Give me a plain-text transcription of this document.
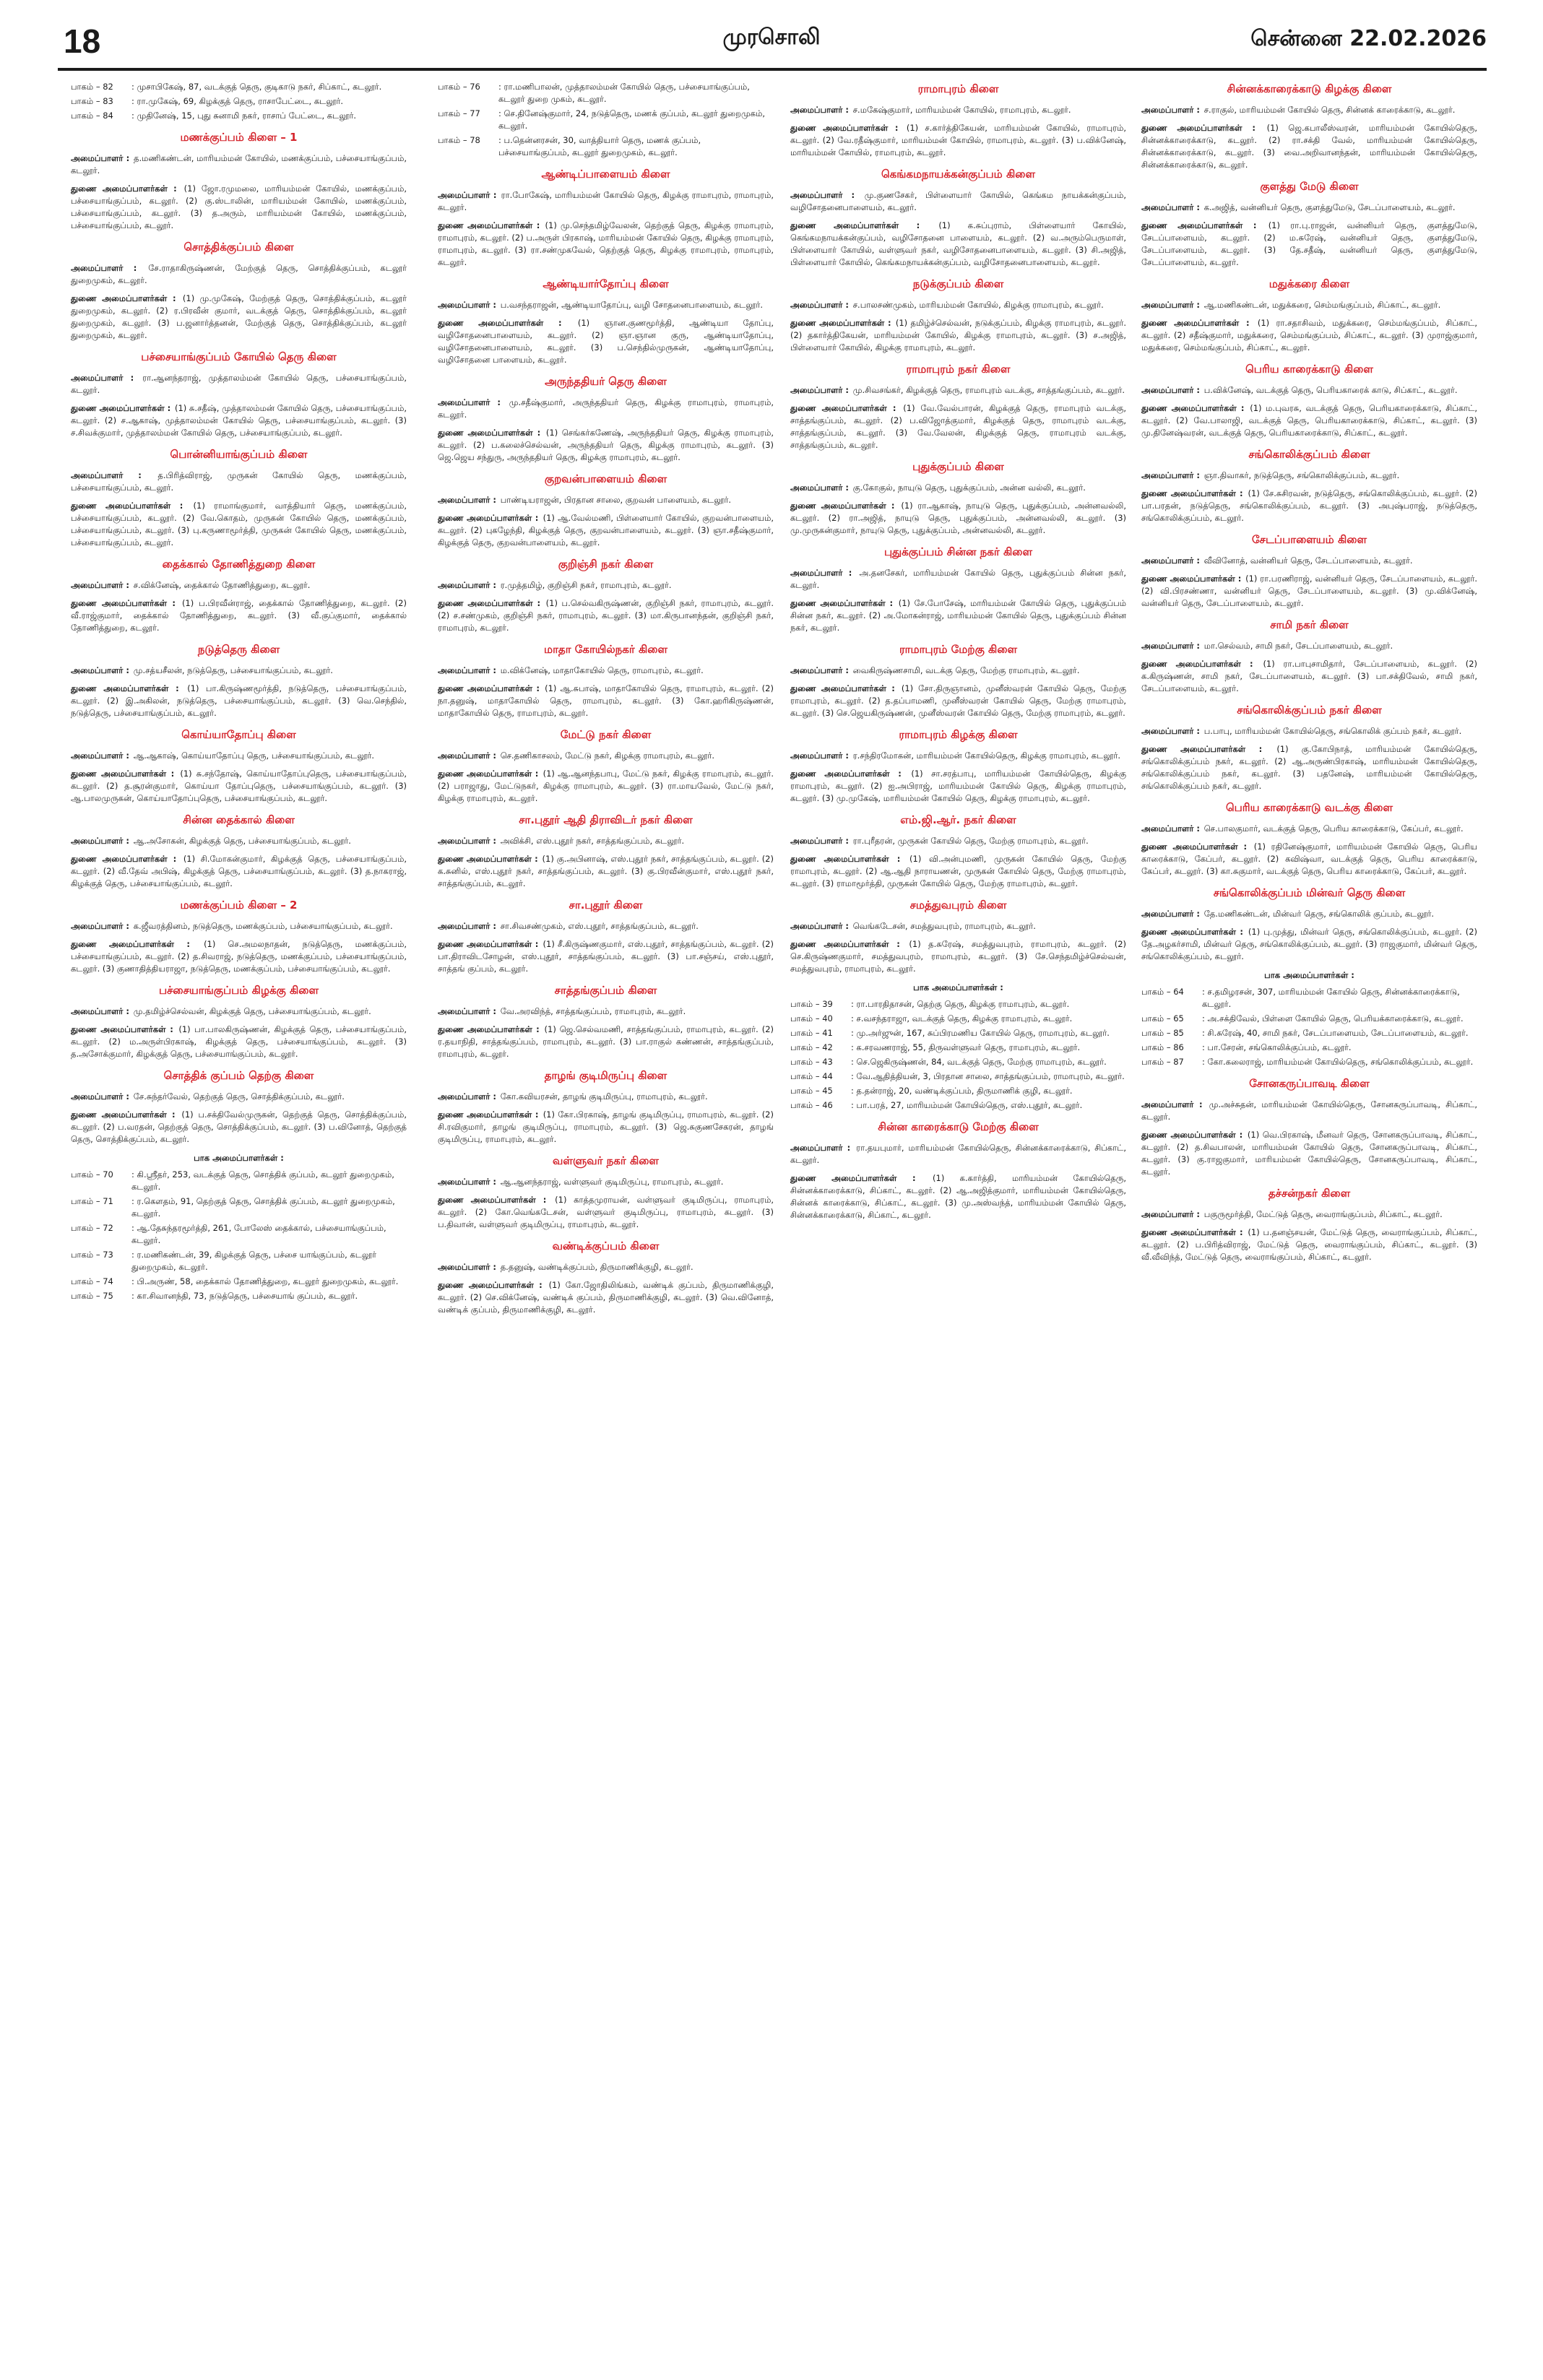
18	முரசொலி	சென்னை 22.02.2026
பாகம் – 82	: முசாபிகேஷ், 87, வடக்குத் தெரு, குடிகாடு நகர், சிப்காட், கடலூர்.
பாகம் – 83	: ரா.முகேஷ், 69, கிழக்குத் தெரு, ராசாபேட்டை, கடலூர்.
பாகம் – 84	: முதினேஷ், 15, புது சுனாமி நகர், ராசாப் பேட்டை, கடலூர்.
மணக்குப்பம் கிளை – 1

அமைப்பாளர் : த.மணிகண்டன், மாரியம்மன் கோயில், மணக்குப்பம், பச்சையாங்குப்பம், கடலூர்.

துணை அமைப்பாளர்கள் : (1) ஜோ.ரமுமலை, மாரியம்மன் கோயில், மணக்குப்பம், பச்சையாங்குப்பம், கடலூர். (2) கு.ஸ்டாலின், மாரியம்மன் கோயில், மணக்குப்பம், பச்சையாங்குப்பம், கடலூர். (3) த.அரும், மாரியம்மன் கோயில், மணக்குப்பம், பச்சையாங்குப்பம், கடலூர்.

சொத்திக்குப்பம் கிளை

அமைப்பாளர் : சே.ராதாகிருஷ்ணன், மேற்குத் தெரு, சொத்திக்குப்பம், கடலூர் துறைமுகம், கடலூர்.

துணை அமைப்பாளர்கள் : (1) மு.முகேஷ், மேற்குத் தெரு, சொத்திக்குப்பம், கடலூர் துறைமுகம், கடலூர். (2) ர.பிரவீன் குமார், வடக்குத் தெரு, சொத்திக்குப்பம், கடலூர் துறைமுகம், கடலூர். (3) ப.ஜனார்த்தனன், மேற்குத் தெரு, சொத்திக்குப்பம், கடலூர் துறைமுகம், கடலூர்.

பச்சையாங்குப்பம் கோயில் தெரு கிளை

அமைப்பாளர் : ரா.ஆனந்தராஜ், முத்தாலம்மன் கோயில் தெரு, பச்சையாங்குப்பம், கடலூர்.

துணை அமைப்பாளர்கள் : (1) சு.சதீஷ், முத்தாலம்மன் கோயில் தெரு, பச்சையாங்குப்பம், கடலூர். (2) ச.ஆகாஷ், முத்தாலம்மன் கோயில் தெரு, பச்சையாங்குப்பம், கடலூர். (3) ச.சிவக்குமார், முத்தாலம்மன் கோயில் தெரு, பச்சையாங்குப்பம், கடலூர்.

பொன்னியாங்குப்பம் கிளை

அமைப்பாளர் : த.பிரித்விராஜ், முருகன் கோயில் தெரு, மணக்குப்பம், பச்சையாங்குப்பம், கடலூர்.

துணை அமைப்பாளர்கள் : (1) ராமாங்குமார், வாத்தியார் தெரு, மணக்குப்பம், பச்சையாங்குப்பம், கடலூர். (2) வே.கொதம், முருகன் கோயில் தெரு, மணக்குப்பம், பச்சையாங்குப்பம், கடலூர். (3) பு.கருணாமூர்த்தி, முருகன் கோயில் தெரு, மணக்குப்பம், பச்சையாங்குப்பம், கடலூர்.

தைக்கால் தோணித்துறை கிளை

அமைப்பாளர் : ச.விக்னேஷ், தைக்கால் தோணித்துறை, கடலூர்.

துணை அமைப்பாளர்கள் : (1) ப.பிரவீன்ராஜ், தைக்கால் தோணித்துறை, கடலூர். (2) வீ.ராஜ்குமார், தைக்கால் தோணித்துறை, கடலூர். (3) வீ.குப்குமார், தைக்கால் தோணித்துறை, கடலூர்.

நடுத்தெரு கிளை

அமைப்பாளர் : மு.சத்யசீலன், நடுத்தெரு, பச்சையாங்குப்பம், கடலூர்.

துணை அமைப்பாளர்கள் : (1) பா.கிருஷ்ணமூர்த்தி, நடுத்தெரு, பச்சையாங்குப்பம், கடலூர். (2) இ.அகிலன், நடுத்தெரு, பச்சையாங்குப்பம், கடலூர். (3) வெ.செந்தில், நடுத்தெரு, பச்சையாங்குப்பம், கடலூர்.

கொய்யாதோப்பு கிளை

அமைப்பாளர் : ஆ.ஆகாஷ், கொய்யாதோப்பு தெரு, பச்சையாங்குப்பம், கடலூர்.

துணை அமைப்பாளர்கள் : (1) சு.சந்தோஷ், கொய்யாதோப்புதெரு, பச்சையாங்குப்பம், கடலூர். (2) த.சூரன்குமார், கொய்யா தோப்புதெரு, பச்சையாங்குப்பம், கடலூர். (3) ஆ.பாலமுருகன், கொய்யாதோப்புதெரு, பச்சையாங்குப்பம், கடலூர்.

சின்ன தைக்கால் கிளை

அமைப்பாளர் : ஆ.அசோகன், கிழக்குத் தெரு, பச்சையாங்குப்பம், கடலூர்.

துணை அமைப்பாளர்கள் : (1) சி.மோகன்குமார், கிழக்குத் தெரு, பச்சையாங்குப்பம், கடலூர். (2) வீ.தேவ் அபிஷ், கிழக்குத் தெரு, பச்சையாங்குப்பம், கடலூர். (3) த.நாகராஜ், கிழக்குத் தெரு, பச்சையாங்குப்பம், கடலூர்.

மணக்குப்பம் கிளை – 2

அமைப்பாளர் : க.ஜீவரத்தினம், நடுத்தெரு, மணக்குப்பம், பச்சையாங்குப்பம், கடலூர்.

துணை அமைப்பாளர்கள் : (1) செ.அமலநாதன், நடுத்தெரு, மணக்குப்பம், பச்சையாங்குப்பம், கடலூர். (2) த.சிவராஜ், நடுத்தெரு, மணக்குப்பம், பச்சையாங்குப்பம், கடலூர். (3) குணாதித்தியராஜா, நடுத்தெரு, மணக்குப்பம், பச்சையாங்குப்பம், கடலூர்.

பச்சையாங்குப்பம் கிழக்கு கிளை

அமைப்பாளர் : மு.தமிழ்ச்செல்வன், கிழக்குத் தெரு, பச்சையாங்குப்பம், கடலூர்.

துணை அமைப்பாளர்கள் : (1) பா.பாலகிருஷ்ணன், கிழக்குத் தெரு, பச்சையாங்குப்பம், கடலூர். (2) ம.அருள்பிரகாஷ், கிழக்குத் தெரு, பச்சையாங்குப்பம், கடலூர். (3) த.அசோக்குமார், கிழக்குத் தெரு, பச்சையாங்குப்பம், கடலூர்.

சொத்திக் குப்பம் தெற்கு கிளை

அமைப்பாளர் : சே.சுந்தர்வேல், தெற்குத் தெரு, சொத்திக்குப்பம், கடலூர்.

துணை அமைப்பாளர்கள் : (1) ப.சக்திவேல்முருகன், தெற்குத் தெரு, சொத்திக்குப்பம், கடலூர். (2) ப.வரதன், தெற்குத் தெரு, சொத்திக்குப்பம், கடலூர். (3) ப.வினோத், தெற்குத் தெரு, சொத்திக்குப்பம், கடலூர்.

பாக அமைப்பாளர்கள் :
பாகம் – 70	: கி.ஸ்ரீதர், 253, வடக்குத் தெரு, சொத்திக் குப்பம், கடலூர் துறைமுகம், கடலூர்.
பாகம் – 71	: ர.கௌதம், 91, தெற்குத் தெரு, சொத்திக் குப்பம், கடலூர் துறைமுகம், கடலூர்.
பாகம் – 72	: ஆ.தேசுந்தரமூர்த்தி, 261, போலேஸ் தைக்கால், பச்சையாங்குப்பம், கடலூர்.
பாகம் – 73	: ர.மணிகண்டன், 39, கிழக்குத் தெரு, பச்சை யாங்குப்பம், கடலூர் துறைமுகம், கடலூர்.
பாகம் – 74	: பி.அருண், 58, தைக்கால் தோணித்துறை, கடலூர் துறைமுகம், கடலூர்.
பாகம் – 75	: கா.சிவானந்தி, 73, நடுத்தெரு, பச்சையாங் குப்பம், கடலூர்.
பாகம் – 76	: ரா.மணிபாலன், முத்தாலம்மன் கோயில் தெரு, பச்சையாங்குப்பம், கடலூர் துறை முகம், கடலூர்.
பாகம் – 77	: செ.தினேஷ்குமார், 24, நடுத்தெரு, மணக் குப்பம், கடலூர் துறைமுகம், கடலூர்.
பாகம் – 78	: ப.தென்னரசன், 30, வாத்தியார் தெரு, மணக் குப்பம், பச்சையாங்குப்பம், கடலூர் துறைமுகம், கடலூர்.
ஆண்டிப்பாளையம் கிளை

அமைப்பாளர் : ரா.போகேஷ், மாரியம்மன் கோயில் தெரு, கிழக்கு ராமாபுரம், ராமாபுரம், கடலூர்.

துணை அமைப்பாளர்கள் : (1) மு.செந்தமிழ்வேலன், தெற்குத் தெரு, கிழக்கு ராமாபுரம், ராமாபுரம், கடலூர். (2) ப.அருள் பிரகாஷ், மாரியம்மன் கோயில் தெரு, கிழக்கு ராமாபுரம், ராமாபுரம், கடலூர். (3) ரா.சண்முகவேல், தெற்குத் தெரு, கிழக்கு ராமாபுரம், ராமாபுரம், கடலூர்.

ஆண்டியார்தோப்பு கிளை

அமைப்பாளர் : ப.வசந்தராஜன், ஆண்டியாதோப்பு, வழி சோதனைபாளையம், கடலூர்.

துணை அமைப்பாளர்கள் : (1) ஞான.குணமூர்த்தி, ஆண்டியா தோப்பு, வழிசோதனைபாளையம், கடலூர். (2) ஞா.ஞான குரு, ஆண்டியாதோப்பு, வழிசோதனைபாளையம், கடலூர். (3) ப.செந்தில்முருகன், ஆண்டியாதோப்பு, வழிசோதனை பாளையம், கடலூர்.

அருந்ததியர் தெரு கிளை

அமைப்பாளர் : மு.சதீஷ்குமார், அருந்ததியர் தெரு, கிழக்கு ராமாபுரம், ராமாபுரம், கடலூர்.

துணை அமைப்பாளர்கள் : (1) செங்கர்கணேஷ், அருந்ததியர் தெரு, கிழக்கு ராமாபுரம், கடலூர். (2) ப.கலைச்செல்வன், அருந்ததியர் தெரு, கிழக்கு ராமாபுரம், கடலூர். (3) ஜெ.ஜெய சந்துரு, அருந்ததியர் தெரு, கிழக்கு ராமாபுரம், கடலூர்.

குறவன்பாளையம் கிளை

அமைப்பாளர் : பாண்டியராஜன், பிரதான சாலை, குறவன் பாளையம், கடலூர்.

துணை அமைப்பாளர்கள் : (1) ஆ.வேல்மணி, பிள்ளையார் கோயில், குறவன்பாளையம், கடலூர். (2) புகழேந்தி, கிழக்குத் தெரு, குறவன்பாளையம், கடலூர். (3) ஞா.சதீஷ்குமார், கிழக்குத் தெரு, குறவன்பாளையம், கடலூர்.

குறிஞ்சி நகர் கிளை

அமைப்பாளர் : ர.முத்தமிழ், குறிஞ்சி நகர், ராமாபுரம், கடலூர்.

துணை அமைப்பாளர்கள் : (1) ப.செல்வகிருஷ்ணன், குறிஞ்சி நகர், ராமாபுரம், கடலூர். (2) ச.சண்முகம், குறிஞ்சி நகர், ராமாபுரம், கடலூர். (3) மா.கிருபானந்தன், குறிஞ்சி நகர், ராமாபுரம், கடலூர்.

மாதா கோயில்நகர் கிளை

அமைப்பாளர் : ம.விக்னேஷ், மாதாகோயில் தெரு, ராமாபுரம், கடலூர்.

துணை அமைப்பாளர்கள் : (1) ஆ.சுபாஷ், மாதாகோயில் தெரு, ராமாபுரம், கடலூர். (2) நா.தனுஷ், மாதாகோயில் தெரு, ராமாபுரம், கடலூர். (3) கோ.ஹரிகிருஷ்ணன், மாதாகோயில் தெரு, ராமாபுரம், கடலூர்.

மேட்டு நகர் கிளை

அமைப்பாளர் : செ.தணிகாசலம், மேட்டு நகர், கிழக்கு ராமாபுரம், கடலூர்.

துணை அமைப்பாளர்கள் : (1) ஆ.ஆனந்தபாபு, மேட்டு நகர், கிழக்கு ராமாபுரம், கடலூர். (2) பராஜாது, மேட்டுநகர், கிழக்கு ராமாபுரம், கடலூர். (3) ரா.மாயவேல், மேட்டு நகர், கிழக்கு ராமாபுரம், கடலூர்.

சா.புதூர் ஆதி திராவிடர் நகர் கிளை

அமைப்பாளர் : அவிக்சி, எஸ்.புதூர் நகர், சாத்தங்குப்பம், கடலூர்.

துணை அமைப்பாளர்கள் : (1) கு.அபினாஷ், எஸ்.புதூர் நகர், சாத்தங்குப்பம், கடலூர். (2) க.சுனில், எஸ்.புதூர் நகர், சாத்தங்குப்பம், கடலூர். (3) கு.பிரவீன்குமார், எஸ்.புதூர் நகர், சாத்தங்குப்பம், கடலூர்.

சா.புதூர் கிளை

அமைப்பாளர் : சா.சிவசண்முகம், எஸ்.புதூர், சாத்தங்குப்பம், கடலூர்.

துணை அமைப்பாளர்கள் : (1) சீ.கிருஷ்ணகுமார், எஸ்.புதூர், சாத்தங்குப்பம், கடலூர். (2) பா.திராவிடசோழன், எஸ்.புதூர், சாத்தங்குப்பம், கடலூர். (3) பா.சஞ்சய், எஸ்.புதூர், சாத்தங் குப்பம், கடலூர்.

சாத்தங்குப்பம் கிளை

அமைப்பாளர் : வே.அரவிந்த், சாத்தங்குப்பம், ராமாபுரம், கடலூர்.

துணை அமைப்பாளர்கள் : (1) ஜெ.செல்வமணி, சாத்தங்குப்பம், ராமாபுரம், கடலூர். (2) ர.தயாநிதி, சாத்தங்குப்பம், ராமாபுரம், கடலூர். (3) பா.ராகுல் கண்ணன், சாத்தங்குப்பம், ராமாபுரம், கடலூர்.

தாழங் குடிமிருப்பு கிளை

அமைப்பாளர் : கோ.கவியரசன், தாழங் குடிமிருப்பு, ராமாபுரம், கடலூர்.

துணை அமைப்பாளர்கள் : (1) கோ.பிரகாஷ், தாழங் குடிமிருப்பு, ராமாபுரம், கடலூர். (2) சி.ரவிகுமார், தாழங் குடிமிருப்பு, ராமாபுரம், கடலூர். (3) ஜெ.சுகுணசேகரன், தாழங் குடிமிருப்பு, ராமாபுரம், கடலூர்.

வள்ளுவர் நகர் கிளை

அமைப்பாளர் : ஆ.ஆனந்தராஜ், வள்ளுவர் குடிமிருப்பு, ராமாபுரம், கடலூர்.

துணை அமைப்பாளர்கள் : (1) காத்தமுராயன், வள்ளுவர் குடிமிருப்பு, ராமாபுரம், கடலூர். (2) கோ.வெங்கடேசன், வள்ளுவர் குடிமிருப்பு, ராமாபுரம், கடலூர். (3) ப.திவான், வள்ளுவர் குடிமிருப்பு, ராமாபுரம், கடலூர்.

வண்டிக்குப்பம் கிளை

அமைப்பாளர் : த.தனுஷ், வண்டிக்குப்பம், திருமாணிக்குழி, கடலூர்.

துணை அமைப்பாளர்கள் : (1) கோ.ஜோதிலிங்கம், வண்டிக் குப்பம், திருமாணிக்குழி, கடலூர். (2) செ.விக்னேஷ், வண்டிக் குப்பம், திருமாணிக்குழி, கடலூர். (3) வெ.வினோத், வண்டிக் குப்பம், திருமாணிக்குழி, கடலூர்.

ராமாபுரம் கிளை

அமைப்பாளர் : ச.மகேஷ்குமார், மாரியம்மன் கோயில், ராமாபுரம், கடலூர்.

துணை அமைப்பாளர்கள் : (1) ச.கார்த்திகேயன், மாரியம்மன் கோயில், ராமாபுரம், கடலூர். (2) வே.ரதீஷ்குமார், மாரியம்மன் கோயில், ராமாபுரம், கடலூர். (3) ப.விக்னேஷ், மாரியம்மன் கோயில், ராமாபுரம், கடலூர்.

கெங்கமநாயக்கன்குப்பம் கிளை

அமைப்பாளர் : மு.குணசேகர், பிள்ளையார் கோயில், கெங்கம நாயக்கன்குப்பம், வழிசோதனைபாளையம், கடலூர்.

துணை அமைப்பாளர்கள் : (1) க.சுப்புராம், பிள்ளையார் கோயில், கெங்கமநாயக்கன்குப்பம், வழிசோதனை பாளையம், கடலூர். (2) வ.அரும்பெருமாள், பிள்ளையார் கோயில், வள்ளுவர் நகர், வழிசோதனைபாளையம், கடலூர். (3) சி.அஜித், பிள்ளையார் கோயில், கெங்கமநாயக்கன்குப்பம், வழிசோதனைபாளையம், கடலூர்.

நடுக்குப்பம் கிளை

அமைப்பாளர் : ச.பாலசண்முகம், மாரியம்மன் கோயில், கிழக்கு ராமாபுரம், கடலூர்.

துணை அமைப்பாளர்கள் : (1) தமிழ்ச்செல்வன், நடுக்குப்பம், கிழக்கு ராமாபுரம், கடலூர். (2) தகார்த்திகேயன், மாரியம்மன் கோயில், கிழக்கு ராமாபுரம், கடலூர். (3) ச.அஜித், பிள்ளையார் கோயில், கிழக்கு ராமாபுரம், கடலூர்.

ராமாபுரம் நகர் கிளை

அமைப்பாளர் : மு.சிவசங்கர், கிழக்குத் தெரு, ராமாபுரம் வடக்கு, சாத்தங்குப்பம், கடலூர்.

துணை அமைப்பாளர்கள் : (1) வே.வேல்பாரன், கிழக்குத் தெரு, ராமாபுரம் வடக்கு, சாத்தங்குப்பம், கடலூர். (2) ப.விஜோத்குமார், கிழக்குத் தெரு, ராமாபுரம் வடக்கு, சாத்தங்குப்பம், கடலூர். (3) வே.வேலன், கிழக்குத் தெரு, ராமாபுரம் வடக்கு, சாத்தங்குப்பம், கடலூர்.

புதுக்குப்பம் கிளை

அமைப்பாளர் : கு.கோகுல், நாயுடு தெரு, புதுக்குப்பம், அன்ன வல்லி, கடலூர்.

துணை அமைப்பாளர்கள் : (1) ரா.ஆகாஷ், நாயுடு தெரு, புதுக்குப்பம், அன்னவல்லி, கடலூர். (2) ரா.அஜித், நாயுடு தெரு, புதுக்குப்பம், அன்னவல்லி, கடலூர். (3) மு.முருகன்குமார், நாயுடு தெரு, புதுக்குப்பம், அன்னவல்லி, கடலூர்.

புதுக்குப்பம் சின்ன நகர் கிளை

அமைப்பாளர் : அ.தனசேகர், மாரியம்மன் கோயில் தெரு, புதுக்குப்பம் சின்ன நகர், கடலூர்.

துணை அமைப்பாளர்கள் : (1) சே.போசேஷ், மாரியம்மன் கோயில் தெரு, புதுக்குப்பம் சின்ன நகர், கடலூர். (2) அ.மோகன்ராஜ், மாரியம்மன் கோயில் தெரு, புதுக்குப்பம் சின்ன நகர், கடலூர்.

ராமாபுரம் மேற்கு கிளை

அமைப்பாளர் : வைகிருஷ்ணசாமி, வடக்கு தெரு, மேற்கு ராமாபுரம், கடலூர்.

துணை அமைப்பாளர்கள் : (1) சோ.திருஞானம், முனீஸ்வரன் கோயில் தெரு, மேற்கு ராமாபுரம், கடலூர். (2) த.தப்பாமணி, முனீஸ்வரன் கோயில் தெரு, மேற்கு ராமாபுரம், கடலூர். (3) செ.ஜெயகிருஷ்ணன், முனீஸ்வரன் கோயில் தெரு, மேற்கு ராமாபுரம், கடலூர்.

ராமாபுரம் கிழக்கு கிளை

அமைப்பாளர் : ர.சந்திரமோகன், மாரியம்மன் கோயில்தெரு, கிழக்கு ராமாபுரம், கடலூர்.

துணை அமைப்பாளர்கள் : (1) சா.சரத்பாபு, மாரியம்மன் கோயில்தெரு, கிழக்கு ராமாபுரம், கடலூர். (2) ஐ.அபிராஜ், மாரியம்மன் கோயில் தெரு, கிழக்கு ராமாபுரம், கடலூர். (3) மு.முகேஷ், மாரியம்மன் கோயில் தெரு, கிழக்கு ராமாபுரம், கடலூர்.

எம்.ஜி.ஆர். நகர் கிளை

அமைப்பாளர் : ரா.புரீதரன், முருகன் கோயில் தெரு, மேற்கு ராமாபுரம், கடலூர்.

துணை அமைப்பாளர்கள் : (1) வி.அன்புமணி, முருகன் கோயில் தெரு, மேற்கு ராமாபுரம், கடலூர். (2) ஆ.ஆதி நாராயணன், முருகன் கோயில் தெரு, மேற்கு ராமாபுரம், கடலூர். (3) ராமாமூர்த்தி, முருகன் கோயில் தெரு, மேற்கு ராமாபுரம், கடலூர்.

சமத்துவபுரம் கிளை

அமைப்பாளர் : வெங்கடேசன், சமத்துவபுரம், ராமாபுரம், கடலூர்.

துணை அமைப்பாளர்கள் : (1) த.சுரேஷ், சமத்துவபுரம், ராமாபுரம், கடலூர். (2) செ.கிருஷ்ணகுமார், சமத்துவபுரம், ராமாபுரம், கடலூர். (3) சே.செந்தமிழ்ச்செல்வன், சமத்துவபுரம், ராமாபுரம், கடலூர்.

பாக அமைப்பாளர்கள் :
பாகம் – 39	: ரா.பாரதிதாசன், தெற்கு தெரு, கிழக்கு ராமாபுரம், கடலூர்.
பாகம் – 40	: ச.வசந்தராஜா, வடக்குத் தெரு, கிழக்கு ராமாபுரம், கடலூர்.
பாகம் – 41	: மு.அர்ஜுன், 167, சுப்பிரமணிய கோயில் தெரு, ராமாபுரம், கடலூர்.
பாகம் – 42	: க.சரவணராஜ், 55, திருவள்ளுவர் தெரு, ராமாபுரம், கடலூர்.
பாகம் – 43	: செ.ஜெகிருஷ்ணன், 84, வடக்குத் தெரு, மேற்கு ராமாபுரம், கடலூர்.
பாகம் – 44	: வே.ஆதித்தியன், 3, பிரதான சாலை, சாத்தங்குப்பம், ராமாபுரம், கடலூர்.
பாகம் – 45	: த.தன்ராஜ், 20, வண்டிக்குப்பம், திருமாணிக் குழி, கடலூர்.
பாகம் – 46	: பா.பரத், 27, மாரியம்மன் கோயில்தெரு, எஸ்.புதூர், கடலூர்.
சின்ன காரைக்காடு மேற்கு கிளை

அமைப்பாளர் : ரா.தயபுமார், மாரியம்மன் கோயில்தெரு, சின்னக்காரைக்காடு, சிப்காட், கடலூர்.

துணை அமைப்பாளர்கள் : (1) க.கார்த்தி, மாரியம்மன் கோயில்தெரு, சின்னக்காரைக்காடு, சிப்காட், கடலூர். (2) ஆ.அஜித்குமார், மாரியம்மன் கோயில்தெரு, சின்னக் காரைக்காடு, சிப்காட், கடலூர். (3) மு.அஸ்வந்த், மாரியம்மன் கோயில் தெரு, சின்னக்காரைக்காடு, சிப்காட், கடலூர்.

சின்னக்காரைக்காடு கிழக்கு கிளை

அமைப்பாளர் : ச.ராகுல், மாரியம்மன் கோயில் தெரு, சின்னக் காரைக்காடு, கடலூர்.

துணை அமைப்பாளர்கள் : (1) ஜெ.கபாலீஸ்வரன், மாரியம்மன் கோயில்தெரு, சின்னக்காரைக்காடு, கடலூர். (2) ரா.சக்தி வேல், மாரியம்மன் கோயில்தெரு, சின்னக்காரைக்காடு, கடலூர். (3) வை.அறிவானந்தன், மாரியம்மன் கோயில்தெரு, சின்னக்காரைக்காடு, கடலூர்.

குளத்து மேடு கிளை

அமைப்பாளர் : க.அஜித், வன்னியர் தெரு, குளத்துமேடு, சேடப்பாளையம், கடலூர்.

துணை அமைப்பாளர்கள் : (1) ரா.பு.ராஜன், வன்னியர் தெரு, குளத்துமேடு, சேடப்பாளையம், கடலூர். (2) ம.சுரேஷ், வன்னியர் தெரு, குளத்துமேடு, சேடப்பாளையம், கடலூர். (3) தே.சதீஷ், வன்னியர் தெரு, குளத்துமேடு, சேடப்பாளையம், கடலூர்.

மதுக்கரை கிளை

அமைப்பாளர் : ஆ.மணிகண்டன், மதுக்கரை, செம்மங்குப்பம், சிப்காட், கடலூர்.

துணை அமைப்பாளர்கள் : (1) ரா.சதாசிவம், மதுக்கரை, செம்மங்குப்பம், சிப்காட், கடலூர். (2) சதீஷ்குமார், மதுக்கரை, செம்மங்குப்பம், சிப்காட், கடலூர். (3) முராஜ்குமார், மதுக்கரை, செம்மங்குப்பம், சிப்காட், கடலூர்.

பெரிய காரைக்காடு கிளை

அமைப்பாளர் : ப.விக்னேஷ், வடக்குத் தெரு, பெரியகாரைக் காடு, சிப்காட், கடலூர்.

துணை அமைப்பாளர்கள் : (1) ம.புவரசு, வடக்குத் தெரு, பெரியகாரைக்காடு, சிப்காட், கடலூர். (2) வே.பாலாஜி, வடக்குத் தெரு, பெரியகாரைக்காடு, சிப்காட், கடலூர். (3) மு.தினேஷ்வரன், வடக்குத் தெரு, பெரியகாரைக்காடு, சிப்காட், கடலூர்.

சங்கொலிக்குப்பம் கிளை

அமைப்பாளர் : ஞா.திவாகர், நடுத்தெரு, சங்கொலிக்குப்பம், கடலூர்.

துணை அமைப்பாளர்கள் : (1) சே.சுசிரவன், நடுத்தெரு, சங்கொலிக்குப்பம், கடலூர். (2) பா.பரதன், நடுத்தெரு, சங்கொலிக்குப்பம், கடலூர். (3) அபுஷ்பராஜ், நடுத்தெரு, சங்கொலிக்குப்பம், கடலூர்.

சேடப்பாளையம் கிளை

அமைப்பாளர் : வீவினோத், வன்னியர் தெரு, சேடப்பாளையம், கடலூர்.

துணை அமைப்பாளர்கள் : (1) ரா.பரணிராஜ், வன்னியர் தெரு, சேடப்பாளையம், கடலூர். (2) வி.பிரசண்ணா, வன்னியர் தெரு, சேடப்பாளையம், கடலூர். (3) மு.விக்னேஷ், வன்னியர் தெரு, சேடப்பாளையம், கடலூர்.

சாமி நகர் கிளை

அமைப்பாளர் : மா.செல்வம், சாமி நகர், சேடப்பாளையம், கடலூர்.

துணை அமைப்பாளர்கள் : (1) ரா.பாபுசாமிதார், சேடப்பாளையம், கடலூர். (2) க.கிருஷ்ணன், சாமி நகர், சேடப்பாளையம், கடலூர். (3) பா.சக்திவேல், சாமி நகர், சேடப்பாளையம், கடலூர்.

சங்கொலிக்குப்பம் நகர் கிளை

அமைப்பாளர் : ப.பாபு, மாரியம்மன் கோயில்தெரு, சங்கொலிக் குப்பம் நகர், கடலூர்.

துணை அமைப்பாளர்கள் : (1) கு.கோபிநாத், மாரியம்மன் கோயில்தெரு, சங்கொலிக்குப்பம் நகர், கடலூர். (2) ஆ.அருண்பிரகாஷ், மாரியம்மன் கோயில்தெரு, சங்கொலிக்குப்பம் நகர், கடலூர். (3) பதனேஷ், மாரியம்மன் கோயில்தெரு, சங்கொலிக்குப்பம் நகர், கடலூர்.

பெரிய காரைக்காடு வடக்கு கிளை

அமைப்பாளர் : செ.பாலகுமார், வடக்குத் தெரு, பெரிய காரைக்காடு, கேப்பர், கடலூர்.

துணை அமைப்பாளர்கள் : (1) ரதினேஷ்குமார், மாரியம்மன் கோயில் தெரு, பெரிய காரைக்காடு, கேப்பர், கடலூர். (2) கவிஷ்வா, வடக்குத் தெரு, பெரிய காரைக்காடு, கேப்பர், கடலூர். (3) கா.சுகுமார், வடக்குத் தெரு, பெரிய காரைக்காடு, கேப்பர், கடலூர்.

சங்கொலிக்குப்பம் மின்வர் தெரு கிளை

அமைப்பாளர் : தே.மணிகண்டன், மின்வர் தெரு, சங்கொலிக் குப்பம், கடலூர்.

துணை அமைப்பாளர்கள் : (1) பு.முத்து, மின்வர் தெரு, சங்கொலிக்குப்பம், கடலூர். (2) தே.அழகர்சாமி, மின்வர் தெரு, சங்கொலிக்குப்பம், கடலூர். (3) ராஜகுமார், மின்வர் தெரு, சங்கொலிக்குப்பம், கடலூர்.

பாக அமைப்பாளர்கள் :
பாகம் – 64	: ச.தமிழரசன், 307, மாரியம்மன் கோயில் தெரு, சின்னக்காரைக்காடு, கடலூர்.
பாகம் – 65	: அ.சக்திவேல், பிள்ளை கோயில் தெரு, பெரியக்காரைக்காடு, கடலூர்.
பாகம் – 85	: சி.சுரேஷ், 40, சாமி நகர், சேடப்பாளையம், சேடப்பாளையம், கடலூர்.
பாகம் – 86	: பா.சேரன், சங்கொலிக்குப்பம், கடலூர்.
பாகம் – 87	: கோ.கலைராஜ், மாரியம்மன் கோயில்தெரு, சங்கொலிக்குப்பம், கடலூர்.
சோனகருப்பாவடி கிளை

அமைப்பாளர் : மு.அச்சுதன், மாரியம்மன் கோயில்தெரு, சோனகருப்பாவடி, சிப்காட், கடலூர்.

துணை அமைப்பாளர்கள் : (1) வெ.பிரகாஷ், மீனவர் தெரு, சோனகருப்பாவடி, சிப்காட், கடலூர். (2) த.சிவபாலன், மாரியம்மன் கோயில் தெரு, சோனகருப்பாவடி, சிப்காட், கடலூர். (3) கு.ராஜகுமார், மாரியம்மன் கோயில்தெரு, சோனகருப்பாவடி, சிப்காட், கடலூர்.

தச்சன்நகர் கிளை

அமைப்பாளர் : பகுருமூர்த்தி, மேட்டுத் தெரு, வைராங்குப்பம், சிப்காட், கடலூர்.

துணை அமைப்பாளர்கள் : (1) ப.தனஞ்சயன், மேட்டுத் தெரு, வைராங்குப்பம், சிப்காட், கடலூர். (2) ப.பிரித்விராஜ், மேட்டுத் தெரு, வைராங்குப்பம், சிப்காட், கடலூர். (3) வீ.வீவிந்த், மேட்டுத் தெரு, வைராங்குப்பம், சிப்காட், கடலூர்.
